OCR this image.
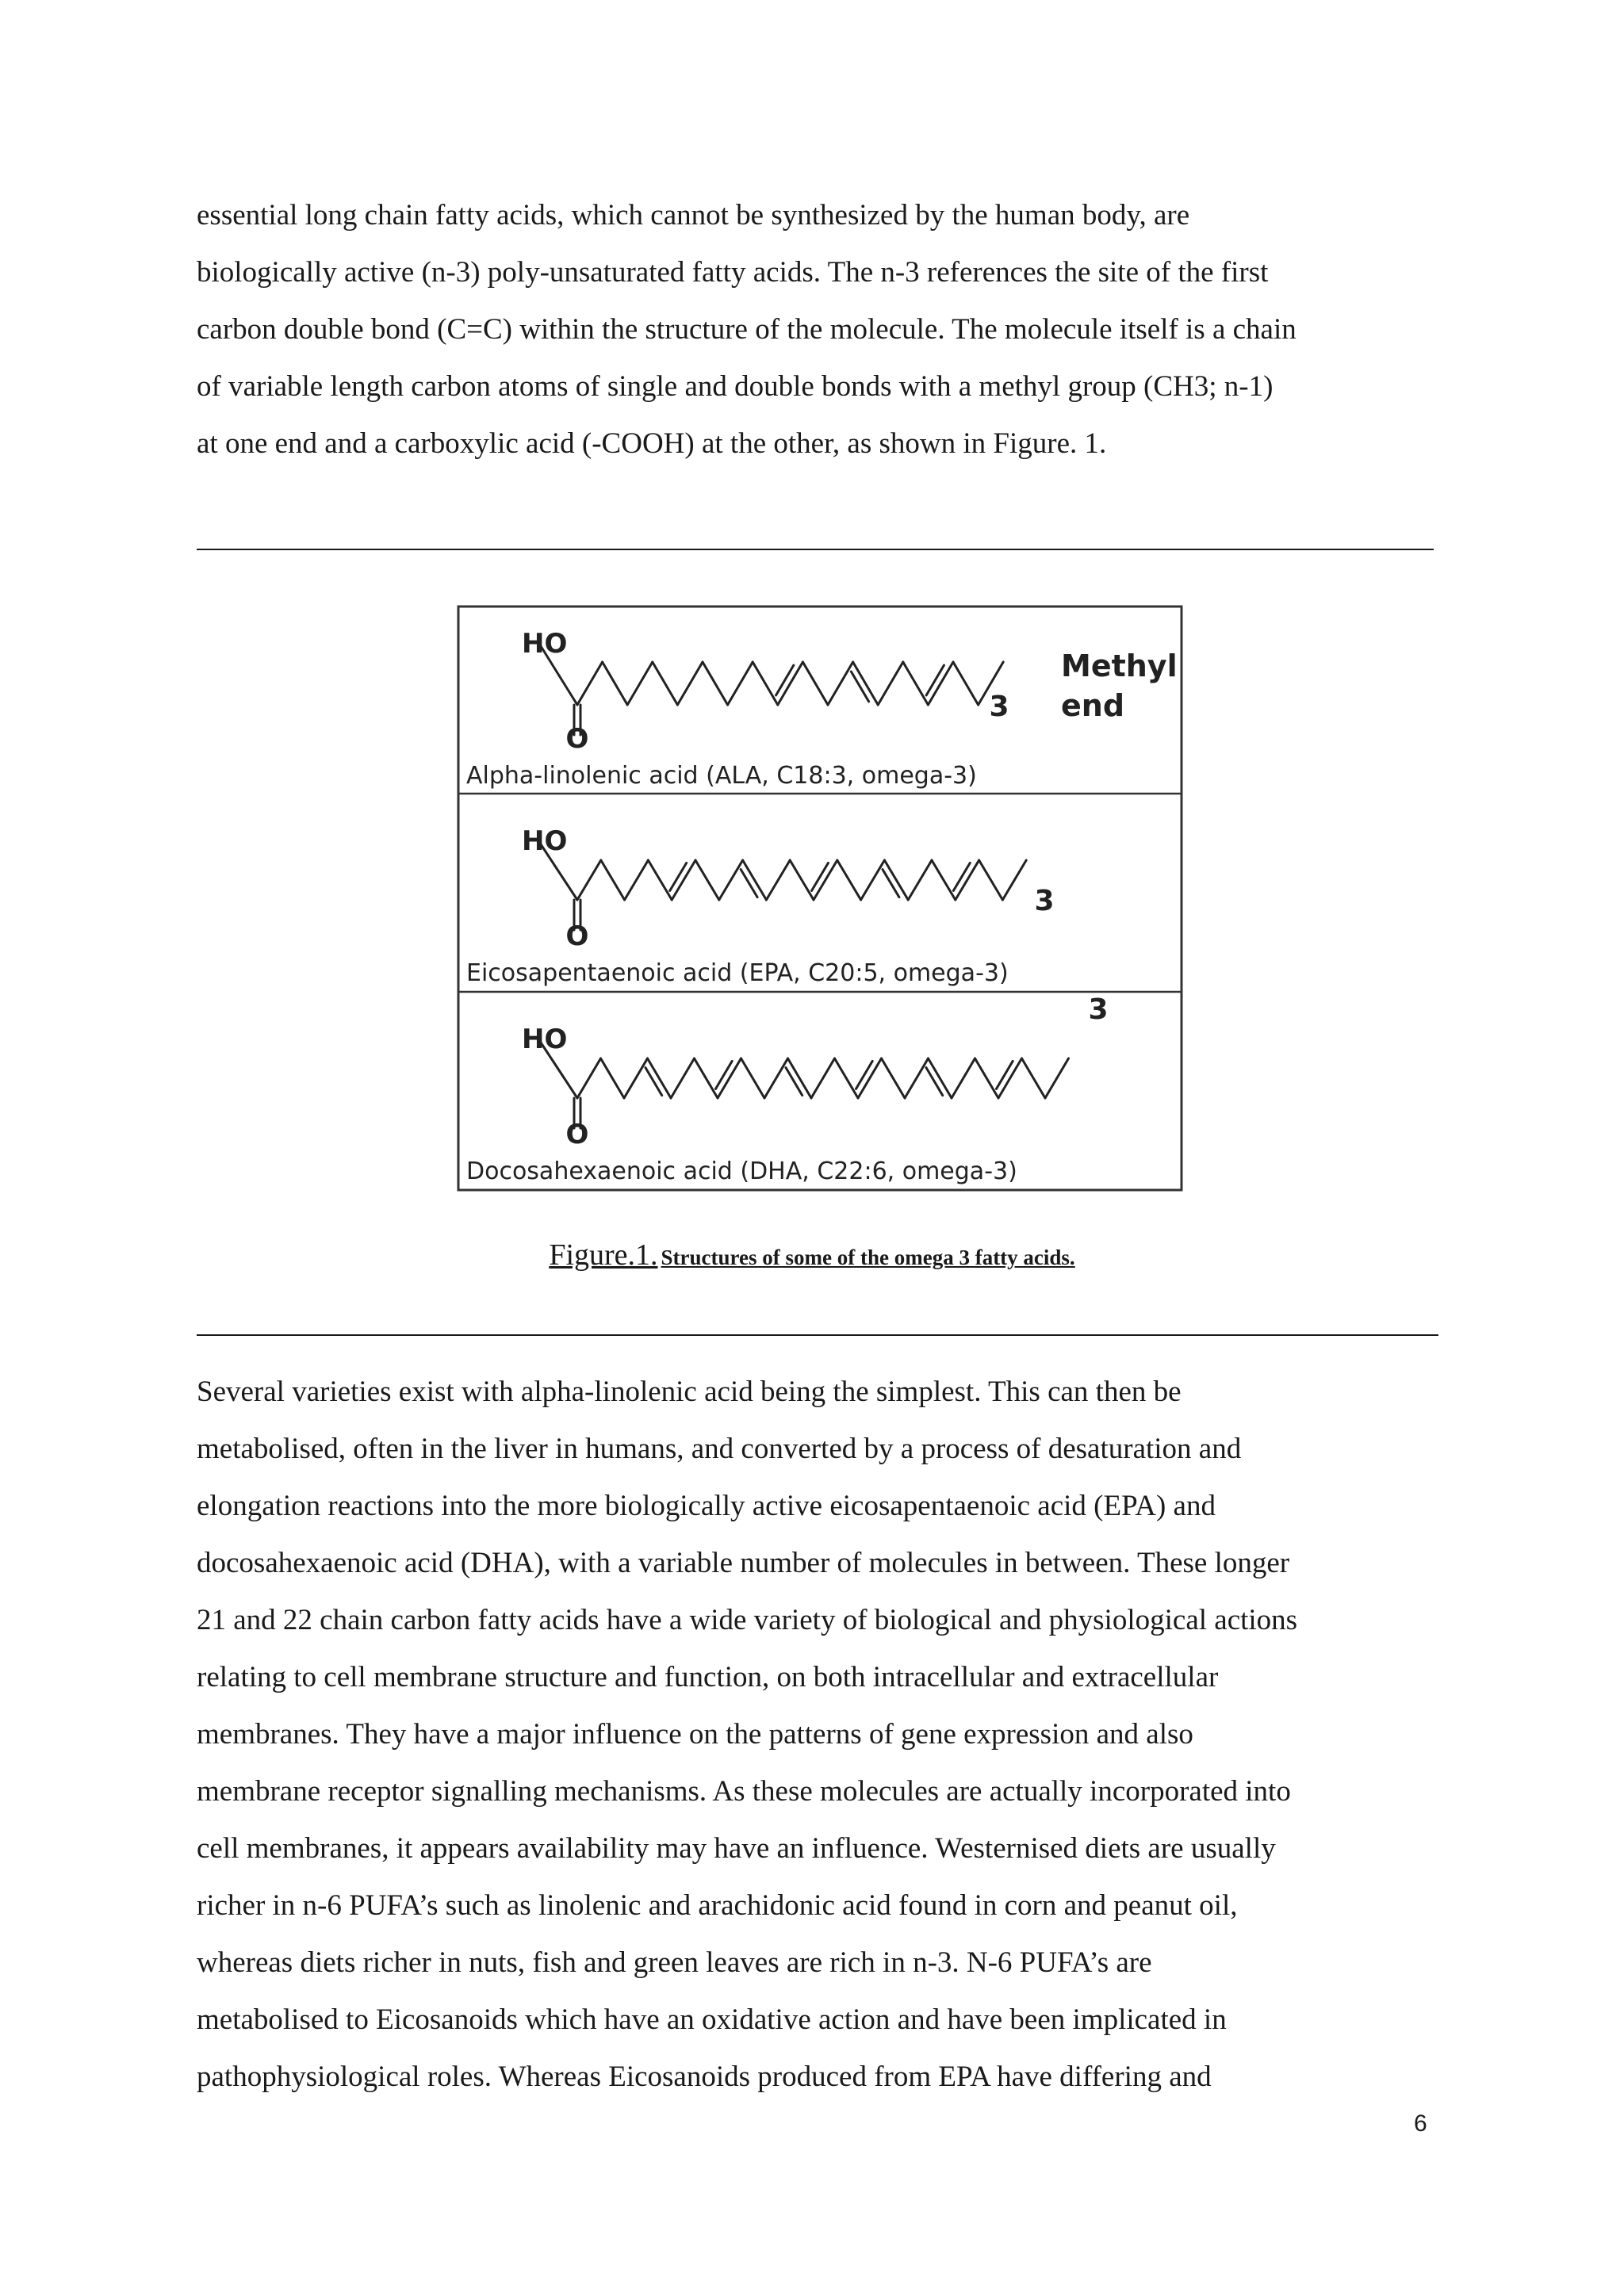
essential long chain fatty acids, which cannot be synthesized by the human body, are
biologically active (n-3) poly-unsaturated fatty acids. The n-3 references the site of the first
carbon double bond (C=C) within the structure of the molecule. The molecule itself is a chain
of variable length carbon atoms of single and double bonds with a methyl group (CH3; n-1)
at one end and a carboxylic acid (-COOH) at the other, as shown in Figure. 1.
HO
O
3
Methyl
end
Alpha-linolenic acid (ALA, C18:3, omega-3)
HO
O
3
Eicosapentaenoic acid (EPA, C20:5, omega-3)
HO
O
3
Docosahexaenoic acid (DHA, C22:6, omega-3)
Figure.1. Structures of some of the omega 3 fatty acids.
Several varieties exist with alpha-linolenic acid being the simplest. This can then be
metabolised, often in the liver in humans, and converted by a process of desaturation and
elongation reactions into the more biologically active eicosapentaenoic acid (EPA) and
docosahexaenoic acid (DHA), with a variable number of molecules in between. These longer
21 and 22 chain carbon fatty acids have a wide variety of biological and physiological actions
relating to cell membrane structure and function, on both intracellular and extracellular
membranes. They have a major influence on the patterns of gene expression and also
membrane receptor signalling mechanisms. As these molecules are actually incorporated into
cell membranes, it appears availability may have an influence. Westernised diets are usually
richer in n-6 PUFA’s such as linolenic and arachidonic acid found in corn and peanut oil,
whereas diets richer in nuts, fish and green leaves are rich in n-3. N-6 PUFA’s are
metabolised to Eicosanoids which have an oxidative action and have been implicated in
pathophysiological roles. Whereas Eicosanoids produced from EPA have differing and
6
